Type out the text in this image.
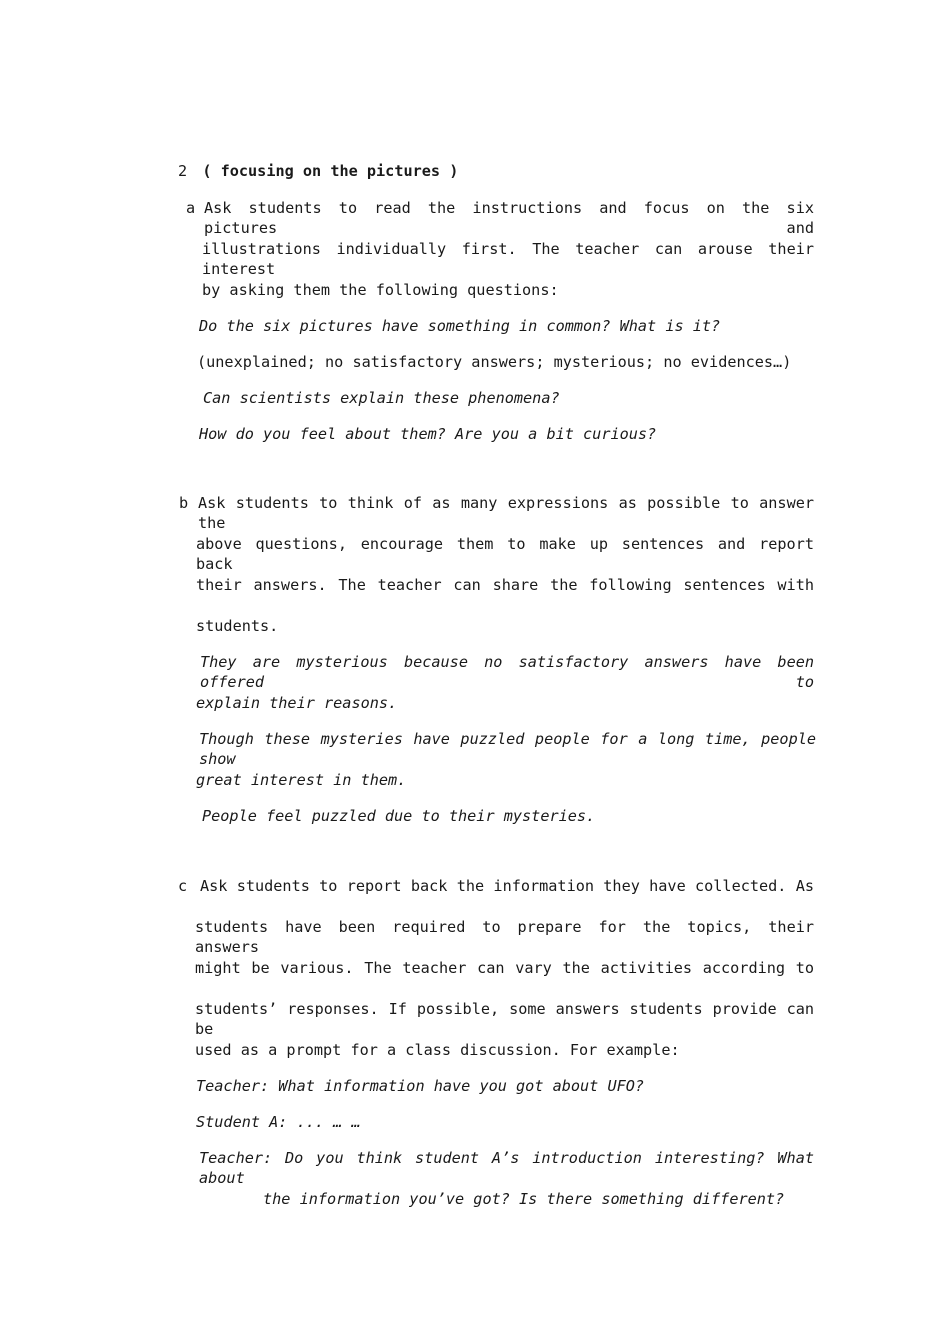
2 ( focusing on the pictures )
a Ask students to read the instructions and focus on the six pictures and
illustrations individually first. The teacher can arouse their interest
by asking them the following questions:
Do the six pictures have something in common? What is it?
(unexplained; no satisfactory answers; mysterious; no evidences…)
Can scientists explain these phenomena?
How do you feel about them? Are you a bit curious?
b Ask students to think of as many expressions as possible to answer the
above questions, encourage them to make up sentences and report back
their answers. The teacher can share the following sentences with
students.
They are mysterious because no satisfactory answers have been offered to
explain their reasons.
Though these mysteries have puzzled people for a long time, people show
great interest in them.
People feel puzzled due to their mysteries.
c Ask students to report back the information they have collected. As
students have been required to prepare for the topics, their answers
might be various. The teacher can vary the activities according to
students’ responses. If possible, some answers students provide can be
used as a prompt for a class discussion. For example:
Teacher: What information have you got about UFO?
Student A: ... … …
Teacher: Do you think student A’s introduction interesting? What about
the information you’ve got? Is there something different?
